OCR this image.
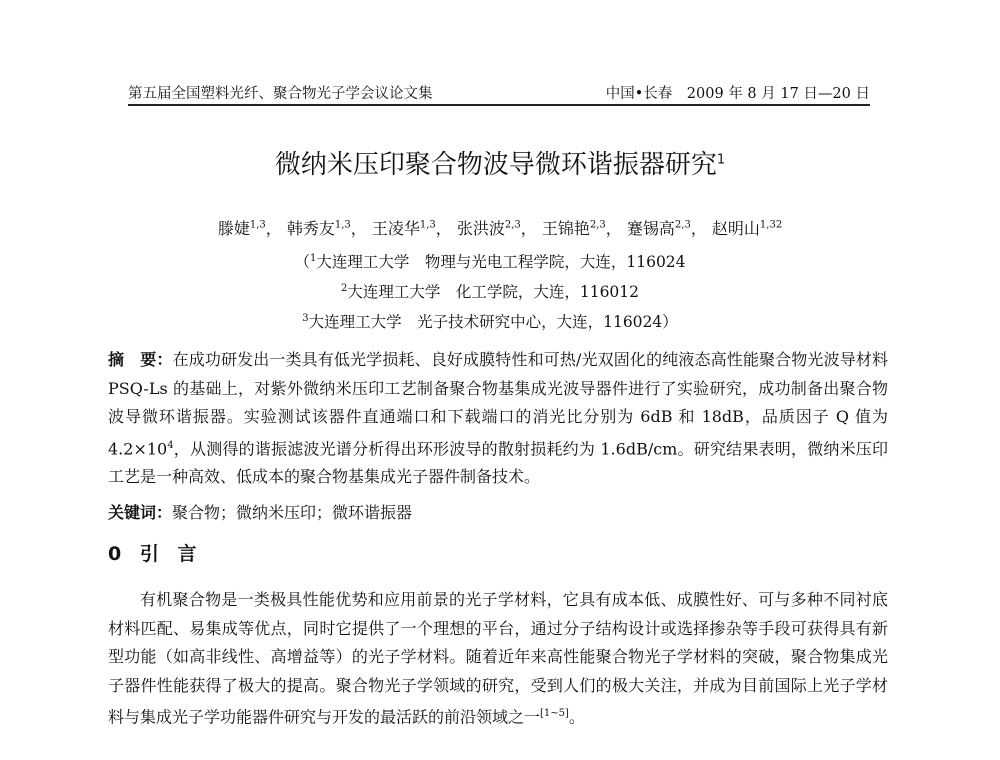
第五届全国塑料光纤、聚合物光子学会议论文集	中国•长春　2009 年 8 月 17 日—20 日
微纳米压印聚合物波导微环谐振器研究$^1$
滕婕$^{1,3}$， 韩秀友$^{1,3}$， 王凌华$^{1,3}$， 张洪波$^{2,3}$， 王锦艳$^{2,3}$， 蹇锡高$^{2,3}$， 赵明山$^{1,32}$
（$^1$大连理工大学　物理与光电工程学院，大连，116024
$^2$大连理工大学　化工学院，大连，116012
$^3$大连理工大学　光子技术研究中心，大连，116024）
摘　要：在成功研发出一类具有低光学损耗、良好成膜特性和可热/光双固化的纯液态高性能聚合物光波导材料 PSQ-Ls 的基础上，对紫外微纳米压印工艺制备聚合物基集成光波导器件进行了实验研究，成功制备出聚合物波导微环谐振器。实验测试该器件直通端口和下载端口的消光比分别为 6dB 和 18dB，品质因子 Q 值为 $4.2\times 10^4$，从测得的谐振滤波光谱分析得出环形波导的散射损耗约为 1.6dB/cm。研究结果表明，微纳米压印工艺是一种高效、低成本的聚合物基集成光子器件制备技术。
关键词：聚合物；微纳米压印；微环谐振器
0 引 言
有机聚合物是一类极具性能优势和应用前景的光子学材料，它具有成本低、成膜性好、可与多种不同衬底材料匹配、易集成等优点，同时它提供了一个理想的平台，通过分子结构设计或选择掺杂等手段可获得具有新型功能（如高非线性、高增益等）的光子学材料。随着近年来高性能聚合物光子学材料的突破，聚合物集成光子器件性能获得了极大的提高。聚合物光子学领域的研究，受到人们的极大关注，并成为目前国际上光子学材料与集成光子学功能器件研究与开发的最活跃的前沿领域之一[1~5]。
